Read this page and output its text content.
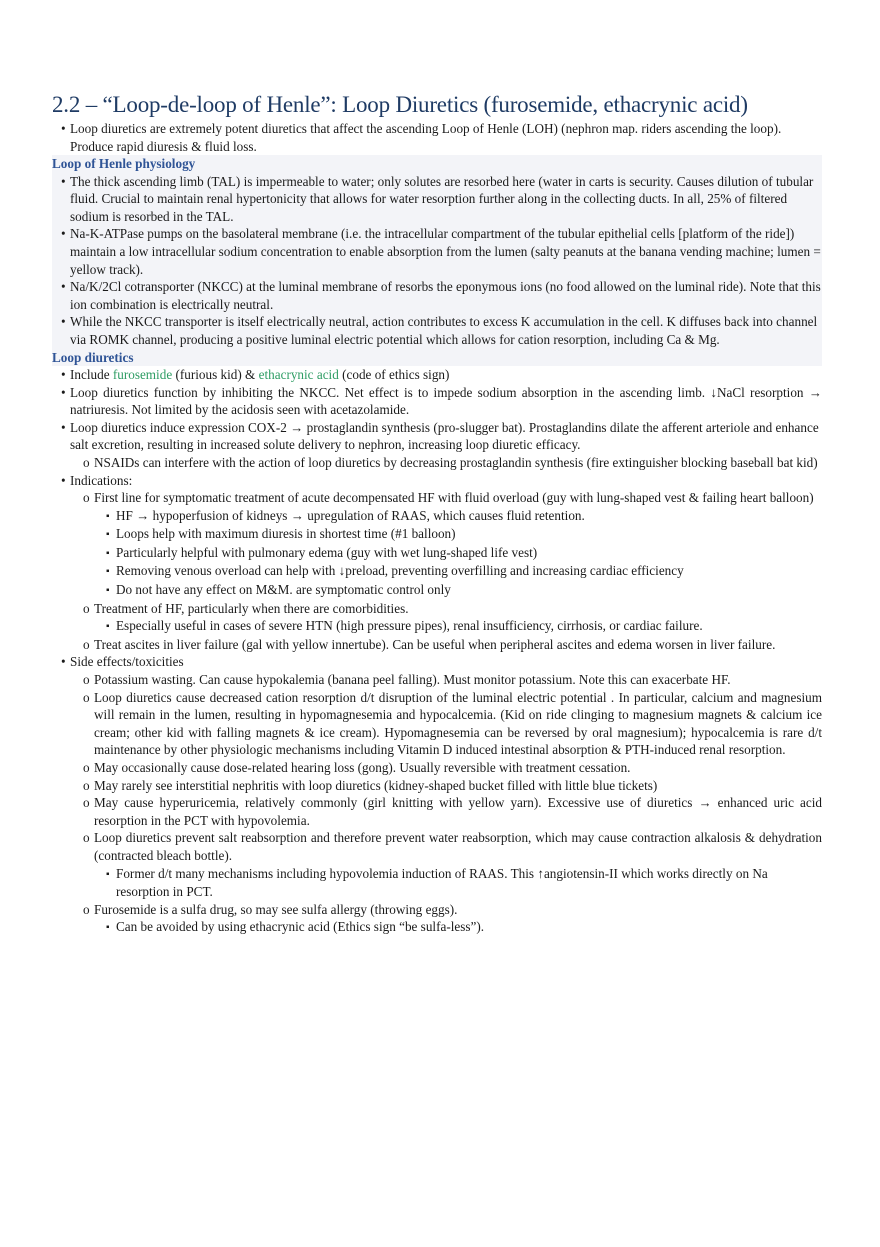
2.2 – “Loop-de-loop of Henle”: Loop Diuretics (furosemide, ethacrynic acid)
• Loop diuretics are extremely potent diuretics that affect the ascending Loop of Henle (LOH) (nephron map. riders ascending the loop). Produce rapid diuresis & fluid loss.
Loop of Henle physiology
• The thick ascending limb (TAL) is impermeable to water; only solutes are resorbed here (water in carts is security. Causes dilution of tubular fluid. Crucial to maintain renal hypertonicity that allows for water resorption further along in the collecting ducts. In all, 25% of filtered sodium is resorbed in the TAL.
• Na-K-ATPase pumps on the basolateral membrane (i.e. the intracellular compartment of the tubular epithelial cells [platform of the ride]) maintain a low intracellular sodium concentration to enable absorption from the lumen (salty peanuts at the banana vending machine; lumen = yellow track).
• Na/K/2Cl cotransporter (NKCC) at the luminal membrane of resorbs the eponymous ions (no food allowed on the luminal ride). Note that this ion combination is electrically neutral.
• While the NKCC transporter is itself electrically neutral, action contributes to excess K accumulation in the cell. K diffuses back into channel via ROMK channel, producing a positive luminal electric potential which allows for cation resorption, including Ca & Mg.
Loop diuretics
• Include furosemide (furious kid) & ethacrynic acid (code of ethics sign)
• Loop diuretics function by inhibiting the NKCC. Net effect is to impede sodium absorption in the ascending limb. ↓NaCl resorption → natriuresis. Not limited by the acidosis seen with acetazolamide.
• Loop diuretics induce expression COX-2 → prostaglandin synthesis (pro-slugger bat). Prostaglandins dilate the afferent arteriole and enhance salt excretion, resulting in increased solute delivery to nephron, increasing loop diuretic efficacy.
o NSAIDs can interfere with the action of loop diuretics by decreasing prostaglandin synthesis (fire extinguisher blocking baseball bat kid)
• Indications:
o First line for symptomatic treatment of acute decompensated HF with fluid overload (guy with lung-shaped vest & failing heart balloon)
▪ HF → hypoperfusion of kidneys → upregulation of RAAS, which causes fluid retention.
▪ Loops help with maximum diuresis in shortest time (#1 balloon)
▪ Particularly helpful with pulmonary edema (guy with wet lung-shaped life vest)
▪ Removing venous overload can help with ↓preload, preventing overfilling and increasing cardiac efficiency
▪ Do not have any effect on M&M. are symptomatic control only
o Treatment of HF, particularly when there are comorbidities.
▪ Especially useful in cases of severe HTN (high pressure pipes), renal insufficiency, cirrhosis, or cardiac failure.
o Treat ascites in liver failure (gal with yellow innertube). Can be useful when peripheral ascites and edema worsen in liver failure.
• Side effects/toxicities
o Potassium wasting. Can cause hypokalemia (banana peel falling). Must monitor potassium. Note this can exacerbate HF.
o Loop diuretics cause decreased cation resorption d/t disruption of the luminal electric potential . In particular, calcium and magnesium will remain in the lumen, resulting in hypomagnesemia and hypocalcemia. (Kid on ride clinging to magnesium magnets & calcium ice cream; other kid with falling magnets & ice cream). Hypomagnesemia can be reversed by oral magnesium); hypocalcemia is rare d/t maintenance by other physiologic mechanisms including Vitamin D induced intestinal absorption & PTH-induced renal resorption.
o May occasionally cause dose-related hearing loss (gong). Usually reversible with treatment cessation.
o May rarely see interstitial nephritis with loop diuretics (kidney-shaped bucket filled with little blue tickets)
o May cause hyperuricemia, relatively commonly (girl knitting with yellow yarn). Excessive use of diuretics → enhanced uric acid resorption in the PCT with hypovolemia.
o Loop diuretics prevent salt reabsorption and therefore prevent water reabsorption, which may cause contraction alkalosis & dehydration (contracted bleach bottle).
▪ Former d/t many mechanisms including hypovolemia induction of RAAS. This ↑angiotensin-II which works directly on Na resorption in PCT.
o Furosemide is a sulfa drug, so may see sulfa allergy (throwing eggs).
▪ Can be avoided by using ethacrynic acid (Ethics sign “be sulfa-less”).
